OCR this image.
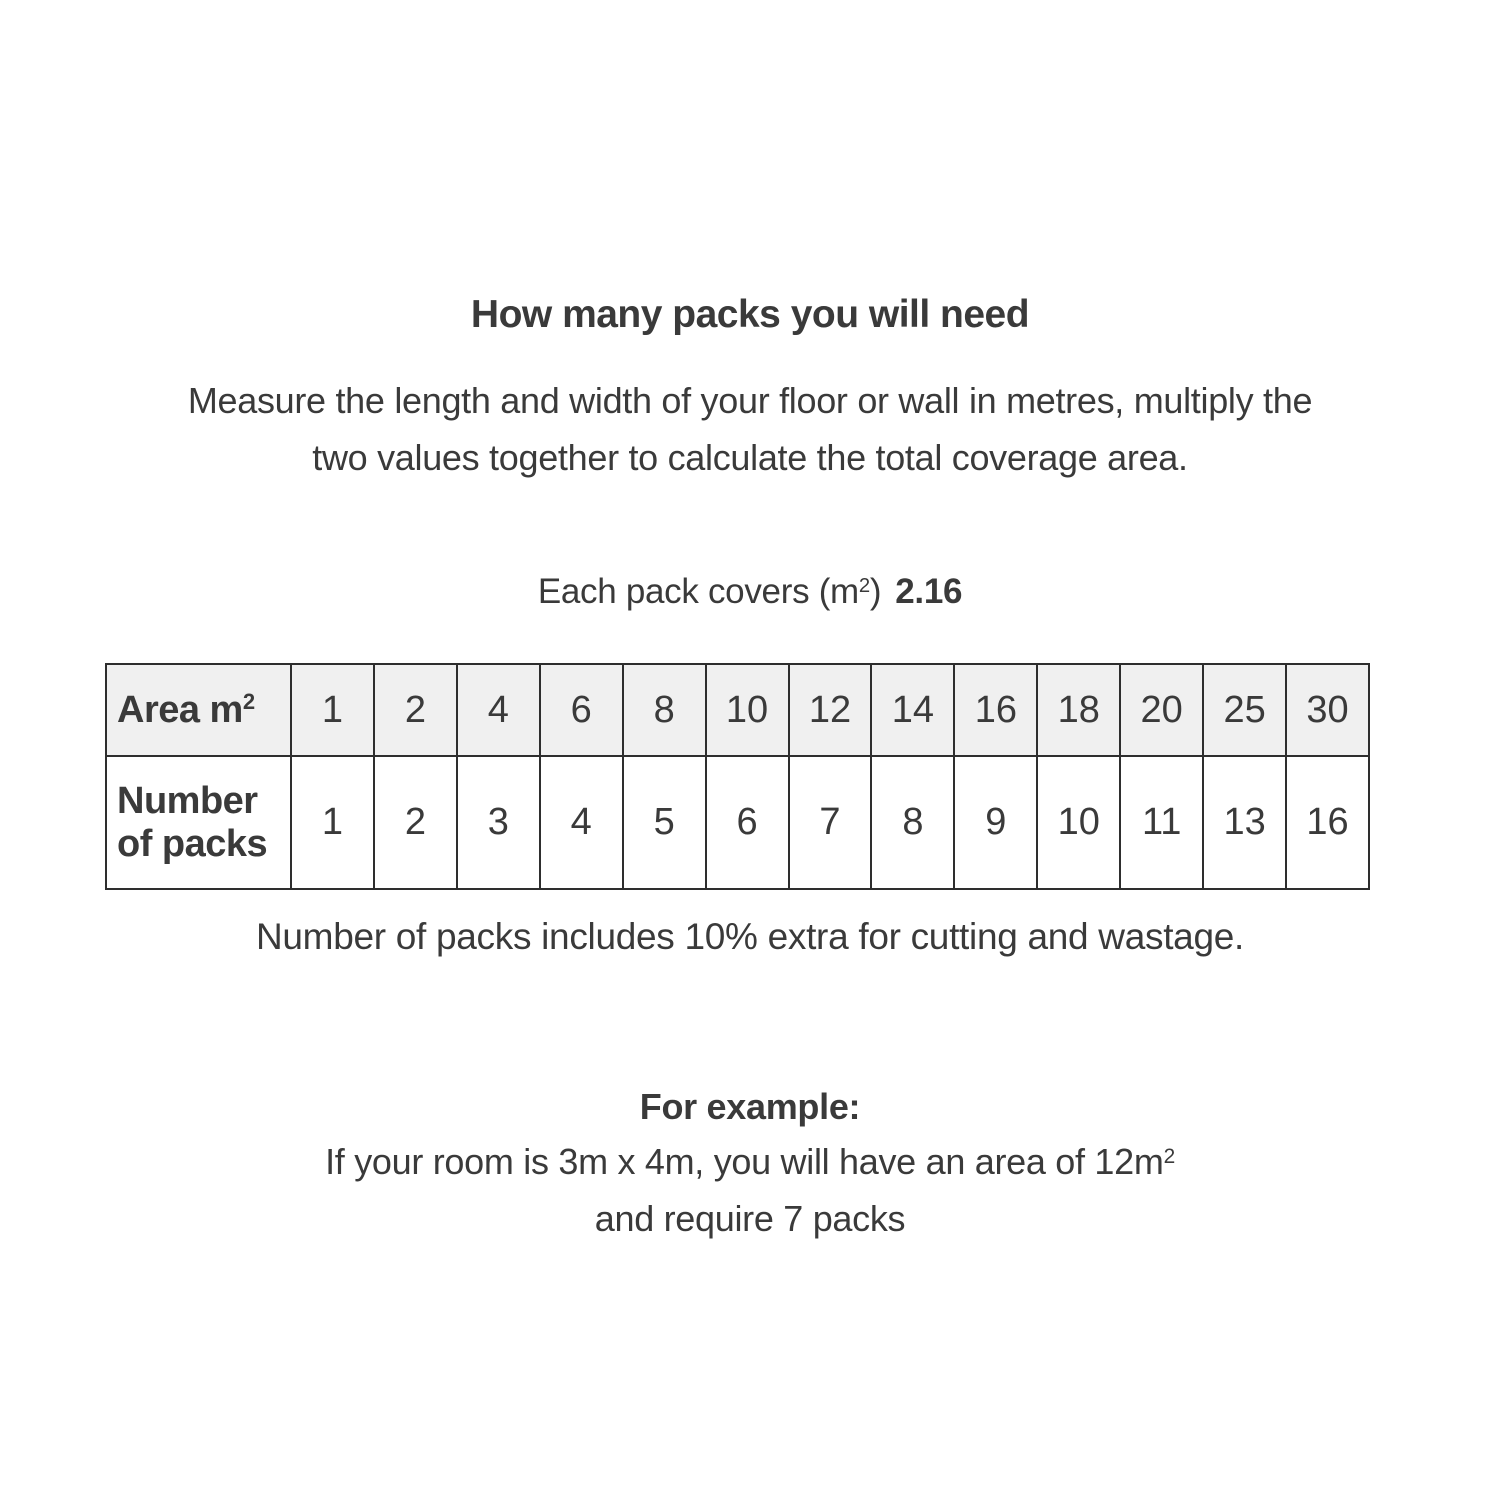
How many packs you will need
Measure the length and width of your floor or wall in metres, multiply the
two values together to calculate the total coverage area.
Each pack covers $(m^2)$ 2.16
Area $m^2$	1	2	4	6	8	10	12	14	16	18	20	25	30
Number
of packs	1	2	3	4	5	6	7	8	9	10	11	13	16
Number of packs includes 10% extra for cutting and wastage.
For example:
If your room is 3m x 4m, you will have an area of $12m^2$
and require 7 packs
